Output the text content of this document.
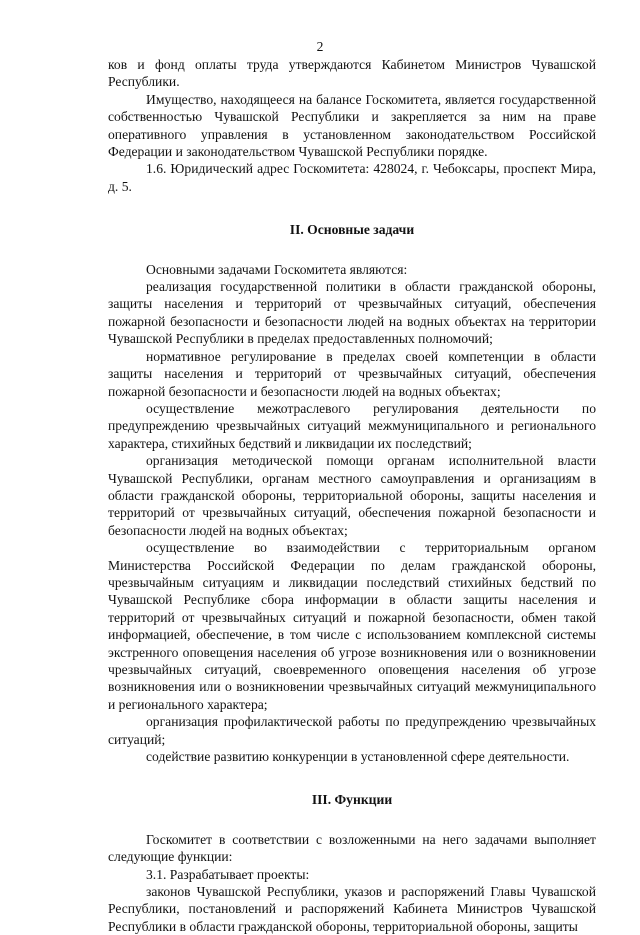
2

ков и фонд оплаты труда утверждаются Кабинетом Министров Чувашской Республики.

Имущество, находящееся на балансе Госкомитета, является государственной собственностью Чувашской Республики и закрепляется за ним на праве оперативного управления в установленном законодательством Российской Федерации и законодательством Чувашской Республики порядке.

1.6. Юридический адрес Госкомитета: 428024, г. Чебоксары, проспект Мира, д. 5.

II. Основные задачи

Основными задачами Госкомитета являются:

реализация государственной политики в области гражданской обороны, защиты населения и территорий от чрезвычайных ситуаций, обеспечения пожарной безопасности и безопасности людей на водных объектах на территории Чувашской Республики в пределах предоставленных полномочий;

нормативное регулирование в пределах своей компетенции в области защиты населения и территорий от чрезвычайных ситуаций, обеспечения пожарной безопасности и безопасности людей на водных объектах;

осуществление межотраслевого регулирования деятельности по предупреждению чрезвычайных ситуаций межмуниципального и регионального характера, стихийных бедствий и ликвидации их последствий;

организация методической помощи органам исполнительной власти Чувашской Республики, органам местного самоуправления и организациям в области гражданской обороны, территориальной обороны, защиты населения и территорий от чрезвычайных ситуаций, обеспечения пожарной безопасности и безопасности людей на водных объектах;

осуществление во взаимодействии с территориальным органом Министерства Российской Федерации по делам гражданской обороны, чрезвычайным ситуациям и ликвидации последствий стихийных бедствий по Чувашской Республике сбора информации в области защиты населения и территорий от чрезвычайных ситуаций и пожарной безопасности, обмен такой информацией, обеспечение, в том числе с использованием комплексной системы экстренного оповещения населения об угрозе возникновения или о возникновении чрезвычайных ситуаций, своевременного оповещения населения об угрозе возникновения или о возникновении чрезвычайных ситуаций межмуниципального и регионального характера;

организация профилактической работы по предупреждению чрезвычайных ситуаций;

содействие развитию конкуренции в установленной сфере деятельности.

III. Функции

Госкомитет в соответствии с возложенными на него задачами выполняет следующие функции:

3.1. Разрабатывает проекты:

законов Чувашской Республики, указов и распоряжений Главы Чувашской Республики, постановлений и распоряжений Кабинета Министров Чувашской Республики в области гражданской обороны, территориальной обороны, защиты
